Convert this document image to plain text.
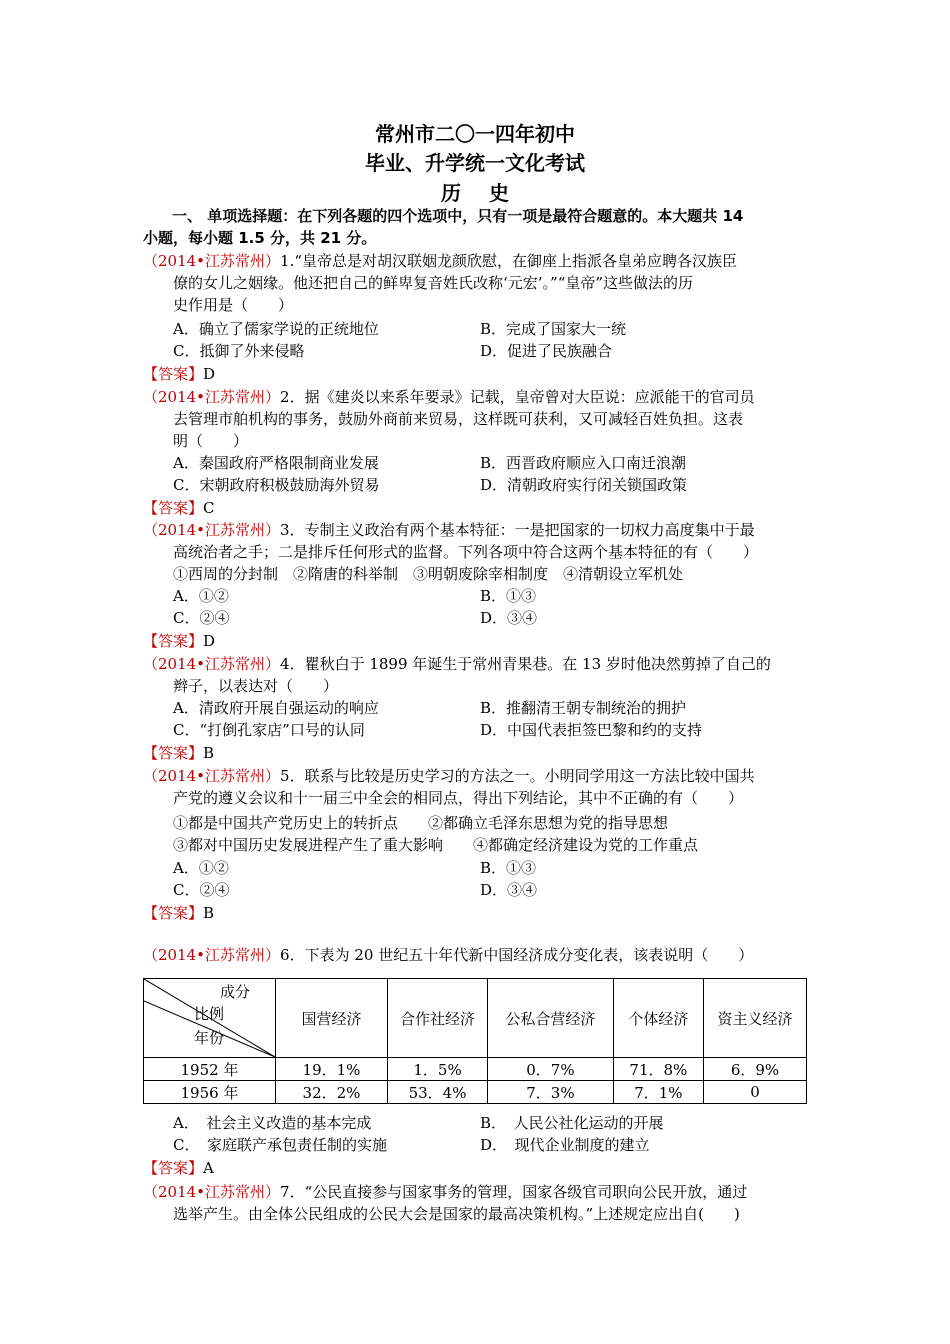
常州市二〇一四年初中
毕业、升学统一文化考试
历史
一、 单项选择题：在下列各题的四个选项中，只有一项是最符合题意的。本大题共 14
小题，每小题 1.5 分，共 21 分。
（2014•江苏常州）1.“皇帝总是对胡汉联姻龙颜欣慰，在御座上指派各皇弟应聘各汉族臣
僚的女儿之姻缘。他还把自己的鲜卑复音姓氏改称‘元宏’。”“皇帝”这些做法的历
史作用是（　　）
A．确立了儒家学说的正统地位	B．完成了国家大一统
C．抵御了外来侵略	D．促进了民族融合
【答案】D
（2014•江苏常州）2．据《建炎以来系年要录》记载，皇帝曾对大臣说：应派能干的官司员
去管理市舶机构的事务，鼓励外商前来贸易，这样既可获利，又可减轻百姓负担。这表
明（　　）
A．秦国政府严格限制商业发展	B．西晋政府顺应入口南迁浪潮
C．宋朝政府积极鼓励海外贸易	D．清朝政府实行闭关锁国政策
【答案】C
（2014•江苏常州）3．专制主义政治有两个基本特征：一是把国家的一切权力高度集中于最
高统治者之手；二是排斥任何形式的监督。下列各项中符合这两个基本特征的有（　　）
①西周的分封制　②隋唐的科举制　③明朝废除宰相制度　④清朝设立军机处
A．①②	B．①③
C．②④	D．③④
【答案】D
（2014•江苏常州）4．瞿秋白于 1899 年诞生于常州青果巷。在 13 岁时他决然剪掉了自己的
辫子，以表达对（　　）
A．清政府开展自强运动的响应	B．推翻清王朝专制统治的拥护
C．“打倒孔家店”口号的认同	D．中国代表拒签巴黎和约的支持
【答案】B
（2014•江苏常州）5．联系与比较是历史学习的方法之一。小明同学用这一方法比较中国共
产党的遵义会议和十一届三中全会的相同点，得出下列结论，其中不正确的有（　　）
①都是中国共产党历史上的转折点　　②都确立毛泽东思想为党的指导思想
③都对中国历史发展进程产生了重大影响　　④都确定经济建设为党的工作重点
A．①②	B．①③
C．②④	D．③④
【答案】B
（2014•江苏常州）6．下表为 20 世纪五十年代新中国经济成分变化表，该表说明（　　）
成分
比例
年份	国营经济	合作社经济	公私合营经济	个体经济	资主义经济
1952 年	19．1%	1．5%	0．7%	71．8%	6．9%
1956 年	32．2%	53．4%	7．3%	7．1%	0
A．　社会主义改造的基本完成	B．　人民公社化运动的开展
C．　家庭联产承包责任制的实施	D．　现代企业制度的建立
【答案】A
（2014•江苏常州）7．“公民直接参与国家事务的管理，国家各级官司职向公民开放，通过
选举产生。由全体公民组成的公民大会是国家的最高决策机构。”上述规定应出自(　　)
